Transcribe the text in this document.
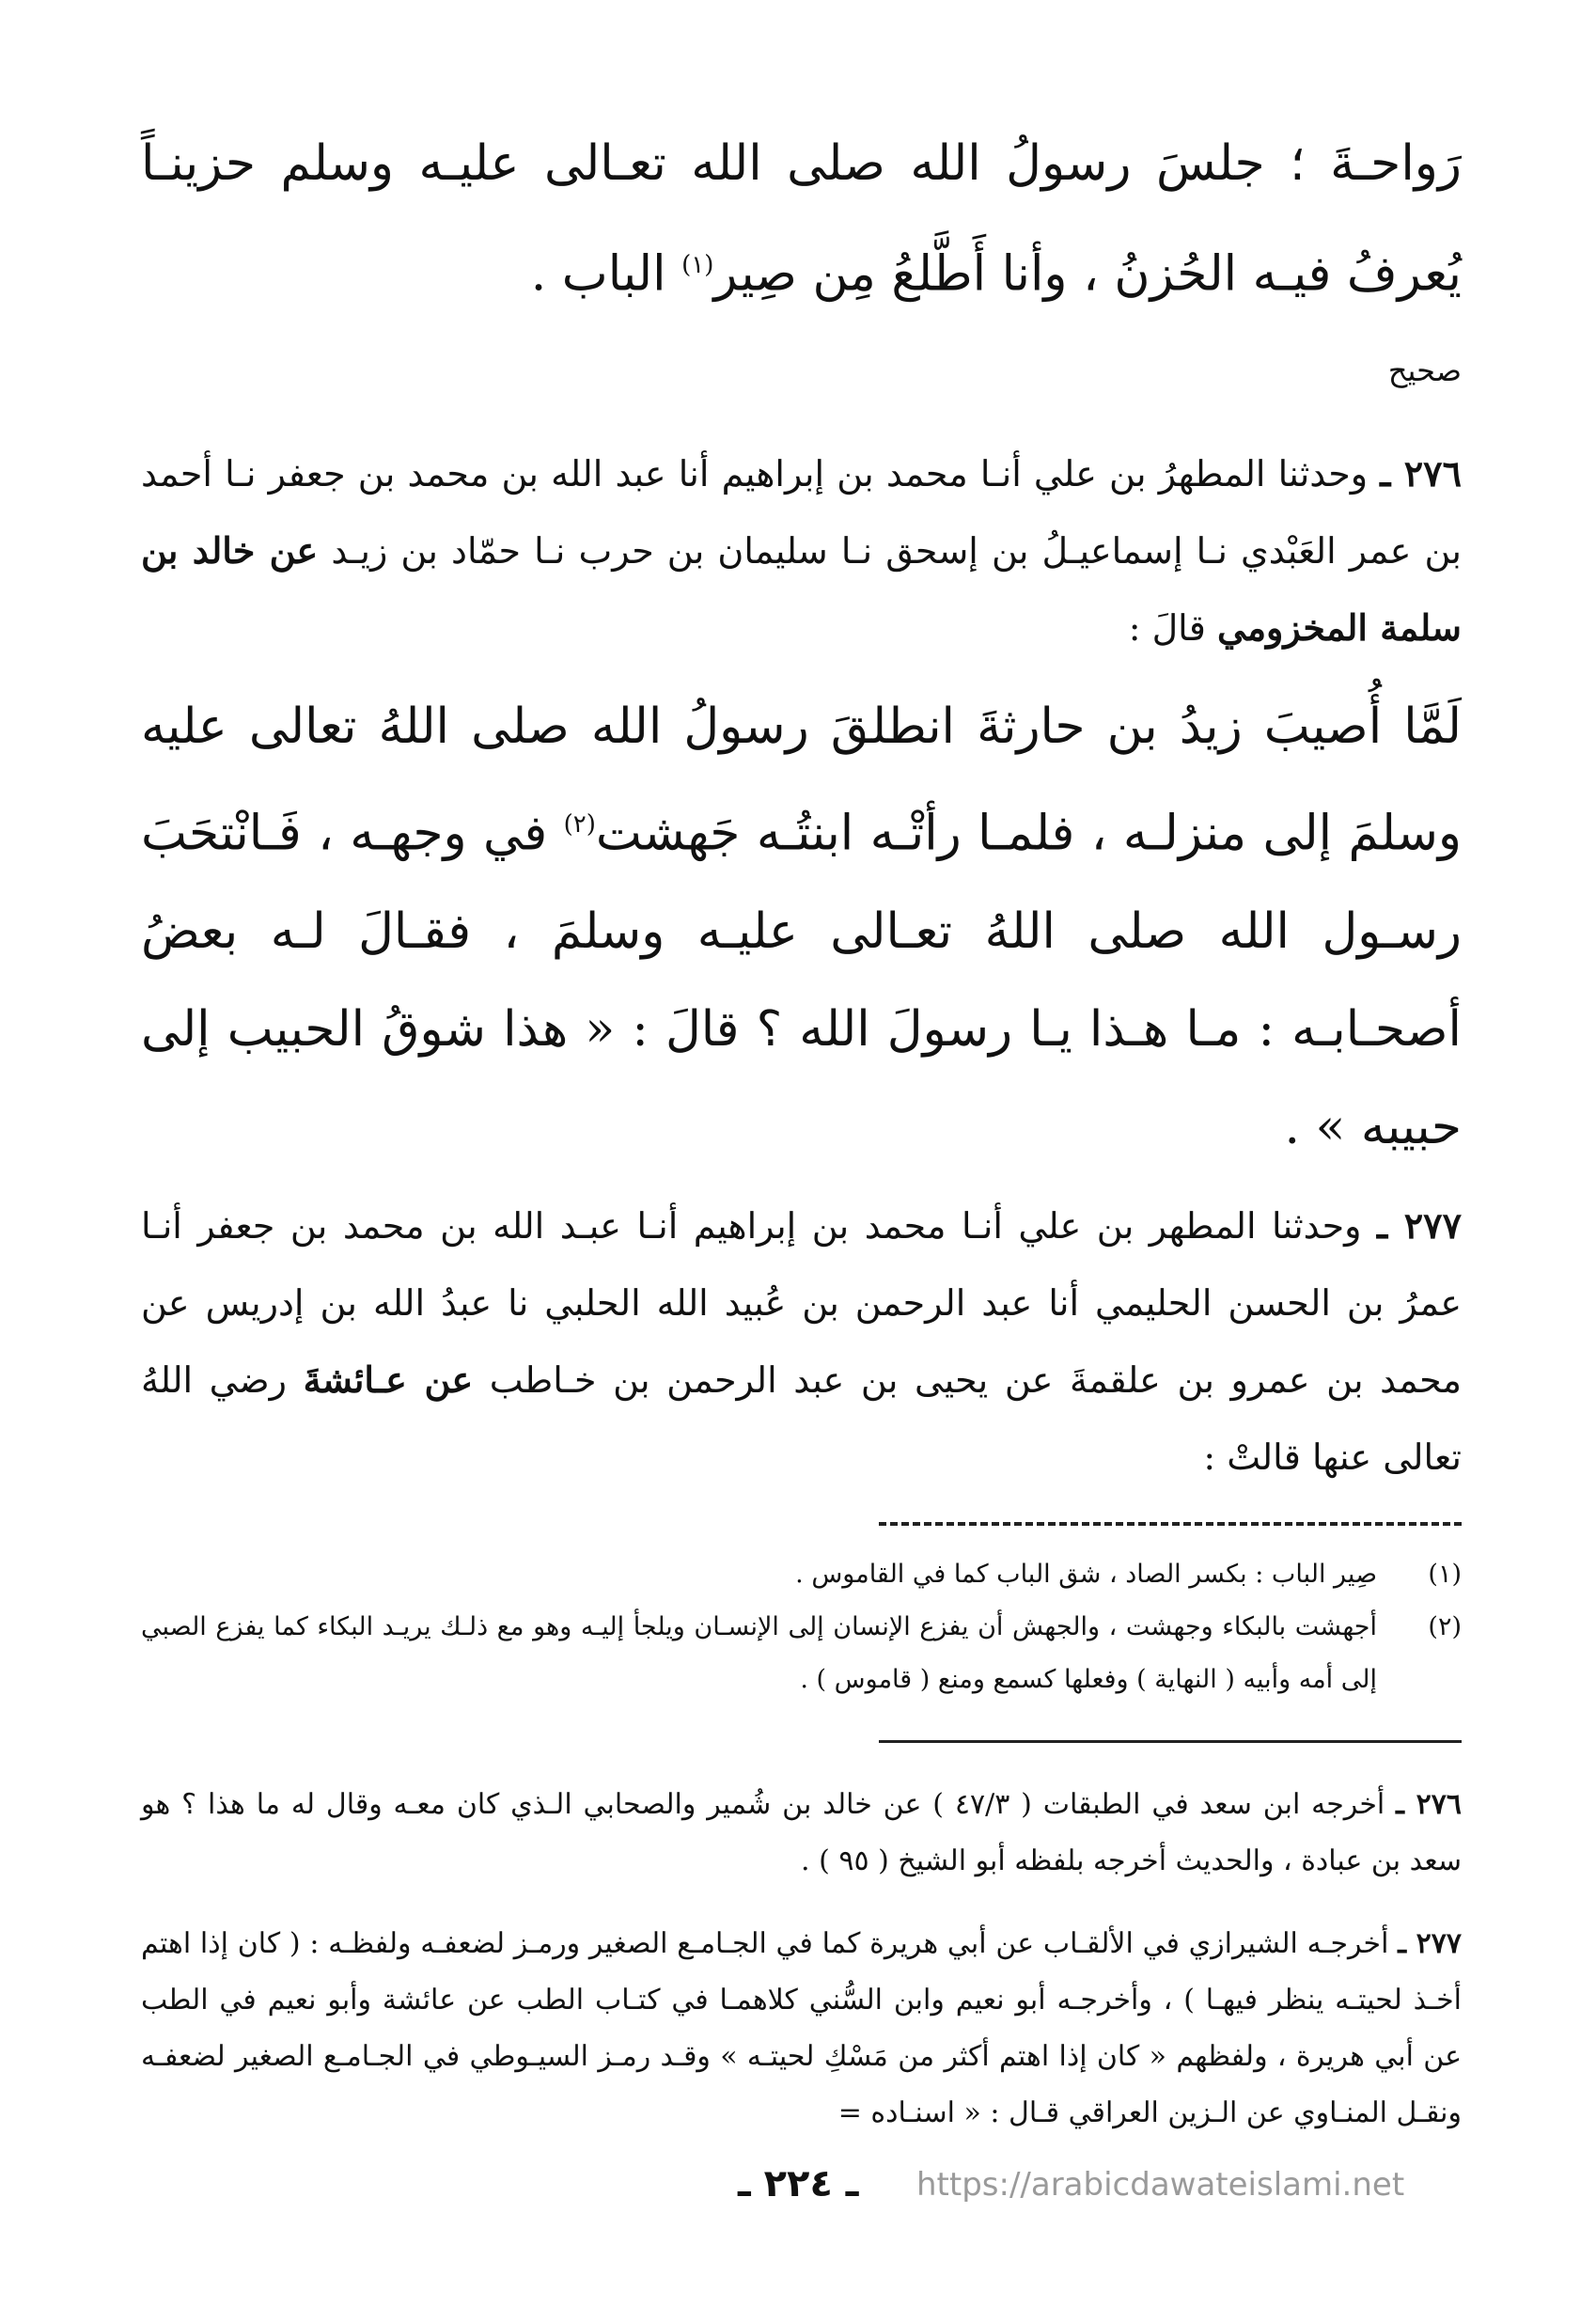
رَواحـةَ ؛ جلسَ رسولُ الله صلى الله تعـالى عليـه وسلم حزينـاً يُعرفُ فيـه الحُزنُ ، وأنا أَطَّلعُ مِن صِير$^{(١)}$ الباب .

صحيح

٢٧٦ ـ وحدثنا المطهرُ بن علي أنـا محمد بن إبراهيم أنا عبد الله بن محمد بن جعفر نـا أحمد بن عمر العَبْدي نـا إسماعيـلُ بن إسحق نـا سليمان بن حرب نـا حمّاد بن زيـد عن خالد بن سلمة المخزومي قالَ :

لَمَّا أُصيبَ زيدُ بن حارثةَ انطلقَ رسولُ الله صلى اللهُ تعالى عليه وسلمَ إلى منزلـه ، فلمـا رأتْـه ابنتُـه جَهشت$^{(٢)}$ في وجهـه ، فَـانْتحَبَ رسـول الله صلى اللهُ تعـالى عليـه وسلمَ ، فقـالَ لـه بعضُ أصحـابـه : مـا هـذا يـا رسولَ الله ؟ قالَ : « هذا شوقُ الحبيب إلى حبيبه » .

٢٧٧ ـ وحدثنا المطهر بن علي أنـا محمد بن إبراهيم أنـا عبـد الله بن محمد بن جعفر أنـا عمرُ بن الحسن الحليمي أنا عبد الرحمن بن عُبيد الله الحلبي نا عبدُ الله بن إدريس عن محمد بن عمرو بن علقمةَ عن يحيى بن عبد الرحمن بن خـاطب عن عـائشةَ رضي اللهُ تعالى عنها قالتْ :

(١)
صِير الباب : بكسر الصاد ، شق الباب كما في القاموس .
(٢)
أجهشت بالبكاء وجهشت ، والجهش أن يفزع الإنسان إلى الإنسـان ويلجأ إليـه وهو مع ذلـك يريـد البكاء كما يفزع الصبي إلى أمه وأبيه ( النهاية ) وفعلها كسمع ومنع ( قاموس ) .

٢٧٦ ـ أخرجه ابن سعد في الطبقات ( ٤٧/٣ ) عن خالد بن شُمير والصحابي الـذي كان معـه وقال له ما هذا ؟ هو سعد بن عبادة ، والحديث أخرجه بلفظه أبو الشيخ ( ٩٥ ) .

٢٧٧ ـ أخرجـه الشيرازي في الألقـاب عن أبي هريرة كما في الجـامـع الصغير ورمـز لضعفـه ولفظـه : ( كان إذا اهتم أخـذ لحيتـه ينظر فيهـا ) ، وأخرجـه أبو نعيم وابن السُّني كلاهمـا في كتـاب الطب عن عائشة وأبو نعيم في الطب عن أبي هريرة ، ولفظهم « كان إذا اهتم أكثر من مَسْكِ لحيتـه » وقـد رمـز السيـوطي في الجـامـع الصغير لضعفـه ونقـل المنـاوي عن الـزين العراقي قـال : « اسنـاده =

ـ ٢٢٤ ـ https://arabicdawateislami.net
